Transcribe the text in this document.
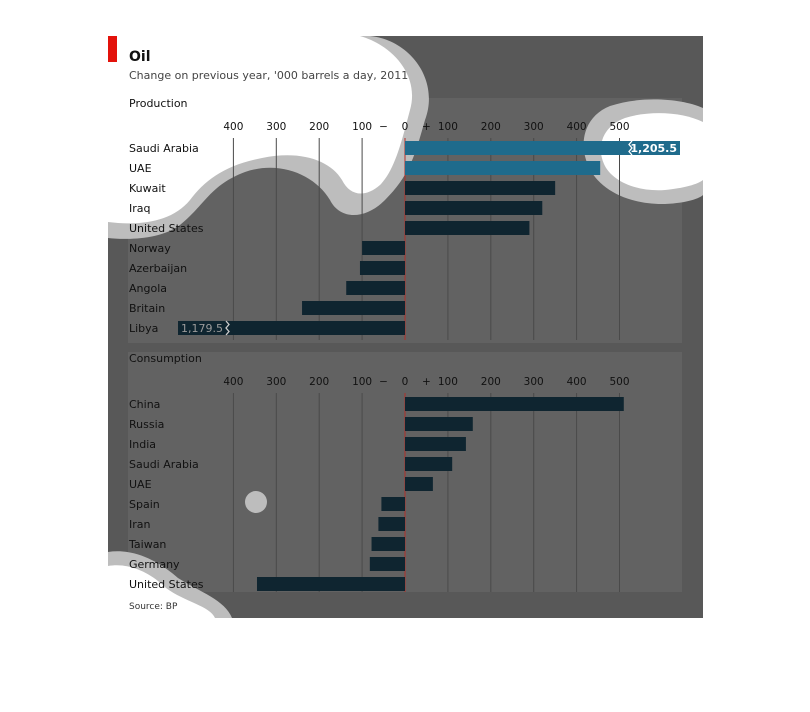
Oil
Change on previous year, '000 barrels a day, 2011
Production
400 300 200 100	0	100 200 300 400 500
−	+
Saudi Arabia	1,205.5
UAE
Kuwait
Iraq
United States
Norway
Azerbaijan
Angola
Britain
Libya 1,179.5
Consumption
400 300 200 100	0	100 200 300 400 500
−	+
China
Russia
India
Saudi Arabia
UAE
Spain
Iran
Taiwan
Germany
United States
Source: BP
